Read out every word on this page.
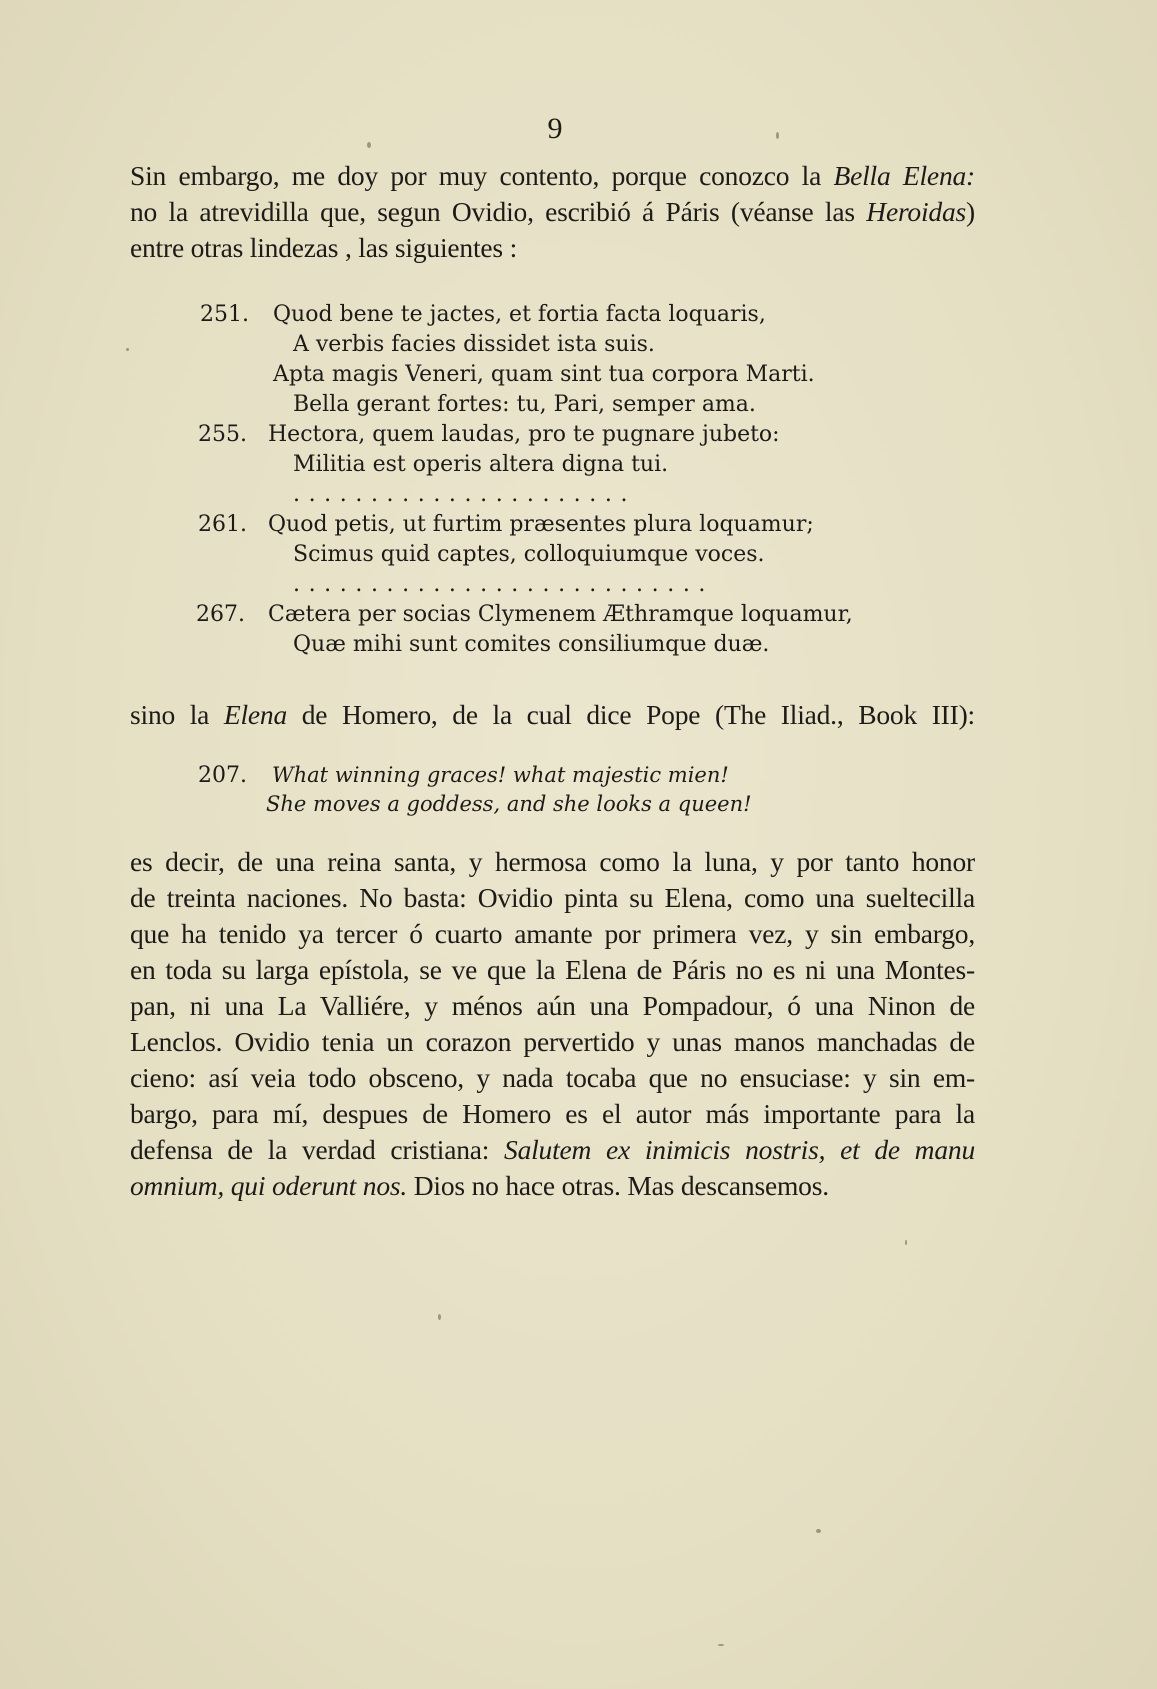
9
Sin embargo, me doy por muy contento, porque conozco la Bella Elena:
no la atrevidilla que, segun Ovidio, escribió á Páris (véanse las Heroidas)
entre otras lindezas , las siguientes :
251. Quod bene te jactes, et fortia facta loquaris,
A verbis facies dissidet ista suis.
Apta magis Veneri, quam sint tua corpora Marti.
Bella gerant fortes: tu, Pari, semper ama.
255. Hectora, quem laudas, pro te pugnare jubeto:
Militia est operis altera digna tui.
......................
261. Quod petis, ut furtim præsentes plura loquamur;
Scimus quid captes, colloquiumque voces.
...........................
267. Cætera per socias Clymenem Æthramque loquamur,
Quæ mihi sunt comites consiliumque duæ.
sino la Elena de Homero, de la cual dice Pope (The Iliad., Book III):
207. What winning graces! what majestic mien!
She moves a goddess, and she looks a queen!
es decir, de una reina santa, y hermosa como la luna, y por tanto honor
de treinta naciones. No basta: Ovidio pinta su Elena, como una sueltecilla
que ha tenido ya tercer ó cuarto amante por primera vez, y sin embargo,
en toda su larga epístola, se ve que la Elena de Páris no es ni una Montes-
pan, ni una La Valliére, y ménos aún una Pompadour, ó una Ninon de
Lenclos. Ovidio tenia un corazon pervertido y unas manos manchadas de
cieno: así veia todo obsceno, y nada tocaba que no ensuciase: y sin em-
bargo, para mí, despues de Homero es el autor más importante para la
defensa de la verdad cristiana: Salutem ex inimicis nostris, et de manu
omnium, qui oderunt nos. Dios no hace otras. Mas descansemos.
